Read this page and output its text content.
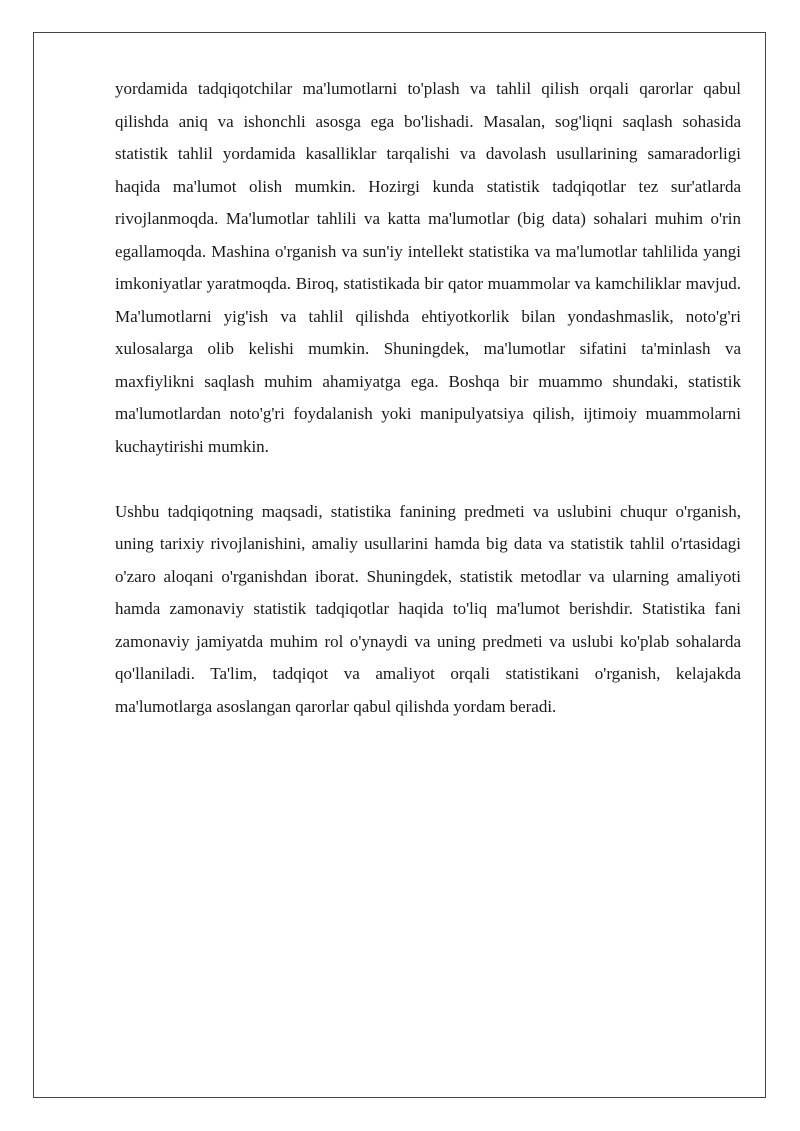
yordamida tadqiqotchilar ma'lumotlarni to'plash va tahlil qilish orqali qarorlar qabul qilishda aniq va ishonchli asosga ega bo'lishadi. Masalan, sog'liqni saqlash sohasida statistik tahlil yordamida kasalliklar tarqalishi va davolash usullarining samaradorligi haqida ma'lumot olish mumkin. Hozirgi kunda statistik tadqiqotlar tez sur'atlarda rivojlanmoqda. Ma'lumotlar tahlili va katta ma'lumotlar (big data) sohalari muhim o'rin egallamoqda. Mashina o'rganish va sun'iy intellekt statistika va ma'lumotlar tahlilida yangi imkoniyatlar yaratmoqda. Biroq, statistikada bir qator muammolar va kamchiliklar mavjud. Ma'lumotlarni yig'ish va tahlil qilishda ehtiyotkorlik bilan yondashmaslik, noto'g'ri xulosalarga olib kelishi mumkin. Shuningdek, ma'lumotlar sifatini ta'minlash va maxfiylikni saqlash muhim ahamiyatga ega. Boshqa bir muammo shundaki, statistik ma'lumotlardan noto'g'ri foydalanish yoki manipulyatsiya qilish, ijtimoiy muammolarni kuchaytirishi mumkin.

Ushbu tadqiqotning maqsadi, statistika fanining predmeti va uslubini chuqur o'rganish, uning tarixiy rivojlanishini, amaliy usullarini hamda big data va statistik tahlil o'rtasidagi o'zaro aloqani o'rganishdan iborat. Shuningdek, statistik metodlar va ularning amaliyoti hamda zamonaviy statistik tadqiqotlar haqida to'liq ma'lumot berishdir. Statistika fani zamonaviy jamiyatda muhim rol o'ynaydi va uning predmeti va uslubi ko'plab sohalarda qo'llaniladi. Ta'lim, tadqiqot va amaliyot orqali statistikani o'rganish, kelajakda ma'lumotlarga asoslangan qarorlar qabul qilishda yordam beradi.
